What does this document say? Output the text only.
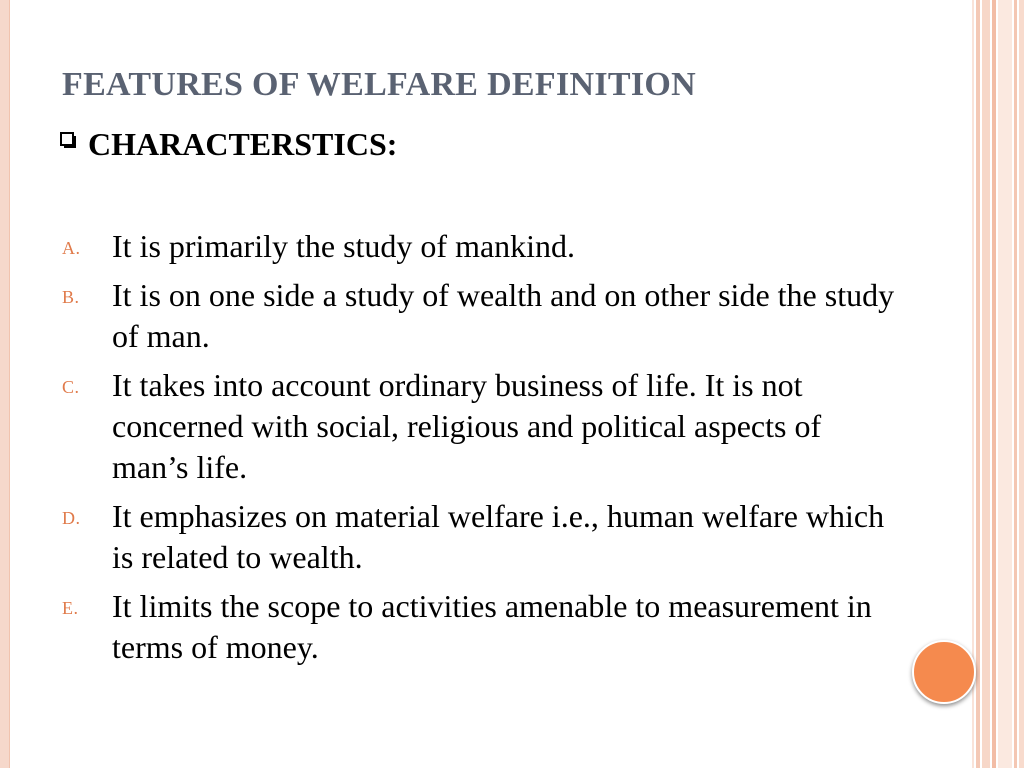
FEATURES OF WELFARE DEFINITION
CHARACTERSTICS:
A. It is primarily the study of mankind.
B.	It is on one side a study of wealth and on other side the study of man.
C.	It takes into account ordinary business of life. It is not concerned with social, religious and political aspects of man’s life.
D. It emphasizes on material welfare i.e., human welfare which is related to wealth.
E.	It limits the scope to activities amenable to measurement in terms of money.
